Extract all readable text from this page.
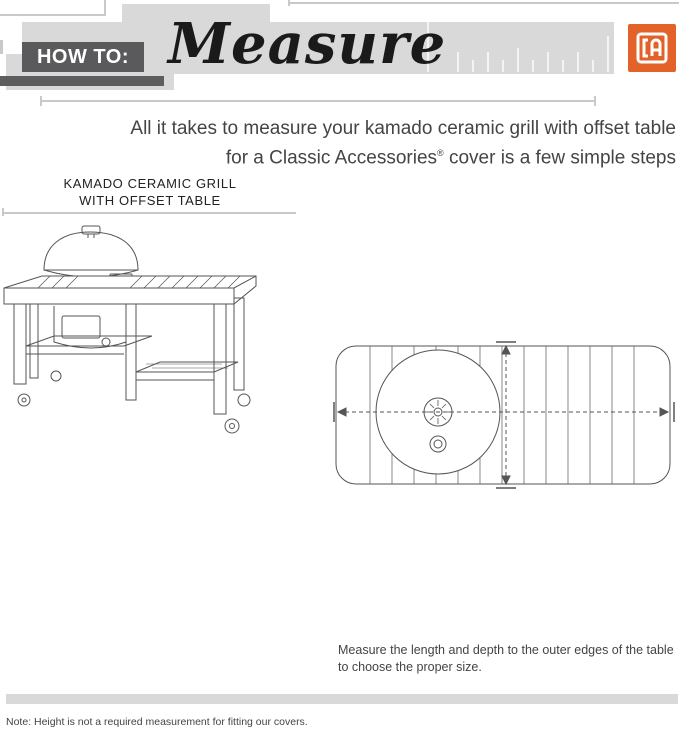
HOW TO: Measure

All it takes to measure your kamado ceramic grill with offset table

for a Classic Accessories® cover is a few simple steps

KAMADO CERAMIC GRILL
WITH OFFSET TABLE
Measure the length and depth to the outer edges of the table to choose the proper size.
Note: Height is not a required measurement for fitting our covers.
